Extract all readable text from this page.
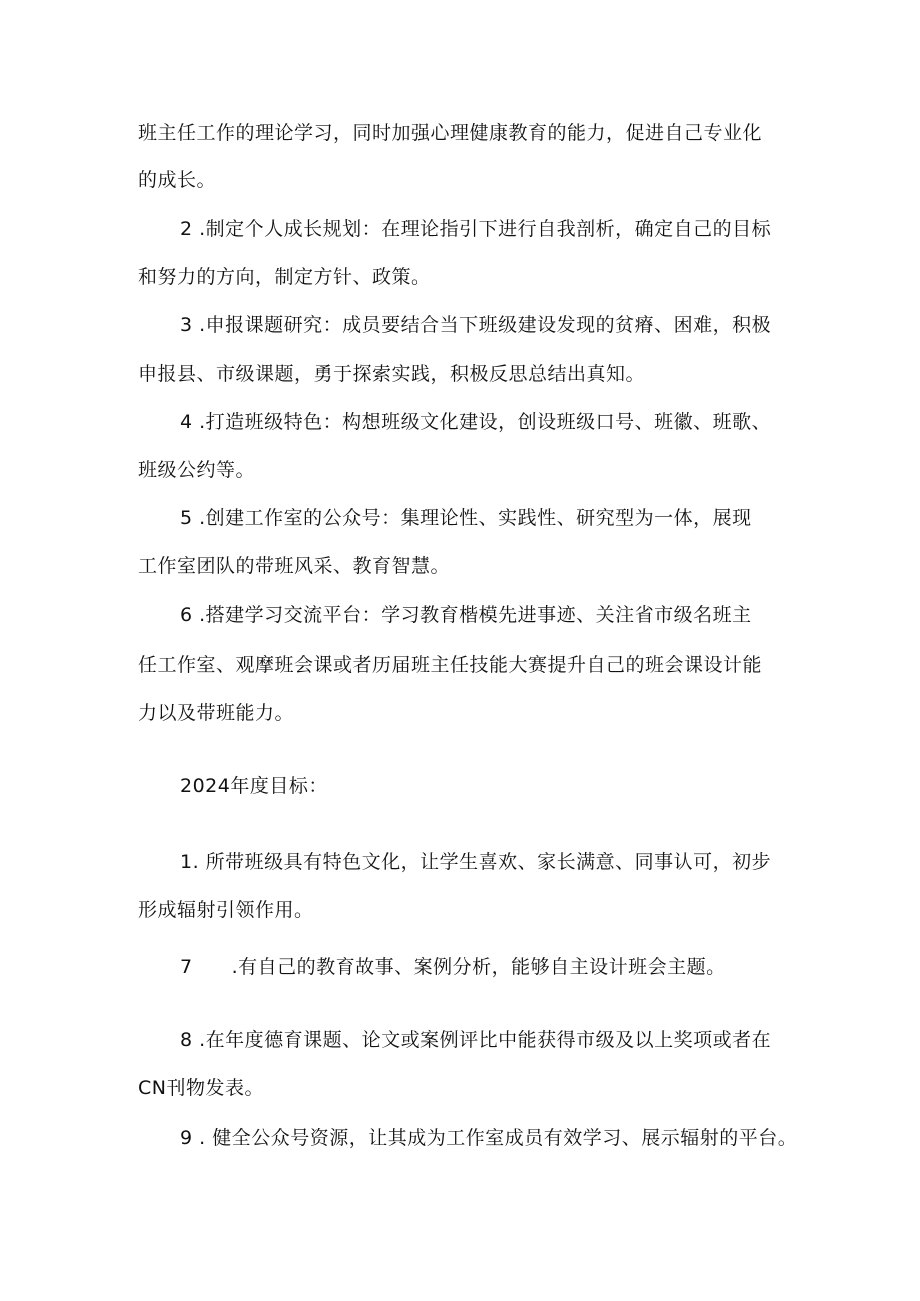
班主任工作的理论学习，同时加强心理健康教育的能力，促进自己专业化

的成长。

2 .制定个人成长规划：在理论指引下进行自我剖析，确定自己的目标

和努力的方向，制定方针、政策。

3 .申报课题研究：成员要结合当下班级建设发现的贫瘠、困难，积极

申报县、市级课题，勇于探索实践，积极反思总结出真知。

4 .打造班级特色：构想班级文化建设，创设班级口号、班徽、班歌、

班级公约等。

5 .创建工作室的公众号：集理论性、实践性、研究型为一体，展现

工作室团队的带班风采、教育智慧。

6 .搭建学习交流平台：学习教育楷模先进事迹、关注省市级名班主

任工作室、观摩班会课或者历届班主任技能大赛提升自己的班会课设计能

力以及带班能力。

2024年度目标：

1. 所带班级具有特色文化，让学生喜欢、家长满意、同事认可，初步

形成辐射引领作用。

7　　.有自己的教育故事、案例分析，能够自主设计班会主题。

8 .在年度德育课题、论文或案例评比中能获得市级及以上奖项或者在

CN刊物发表。

9 . 健全公众号资源，让其成为工作室成员有效学习、展示辐射的平台。
